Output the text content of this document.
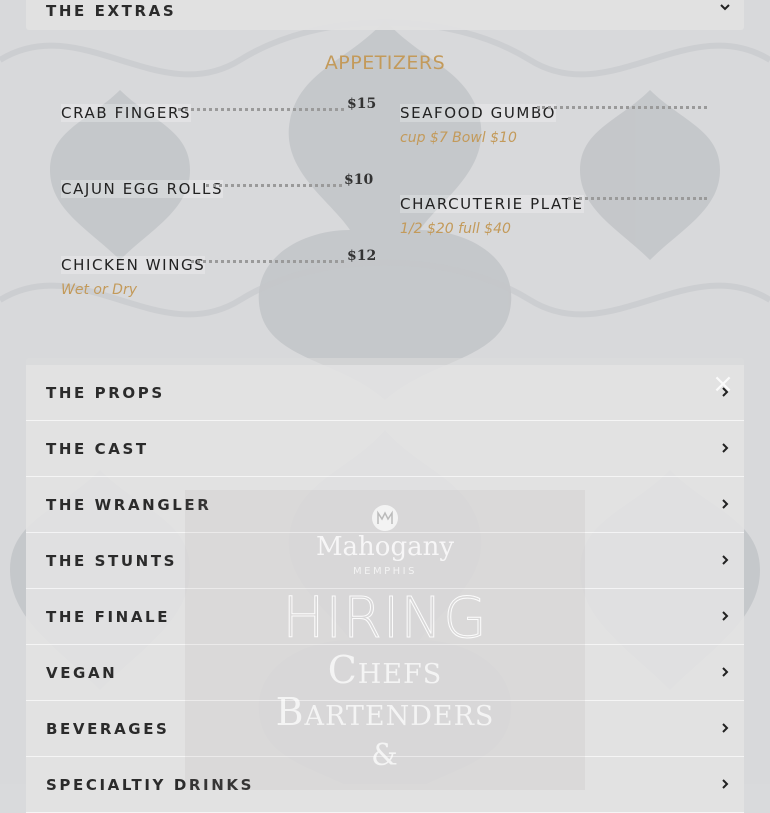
THE EXTRAS
APPETIZERS
CRAB FINGERS	$15
CAJUN EGG ROLLS	$10
CHICKEN WINGS
Wet or Dry
$12
SEAFOOD GUMBO
cup $7 Bowl $10
CHARCUTERIE PLATE
1/2 $20 full $40
THE PROPS
THE CAST
THE WRANGLER
THE STUNTS
THE FINALE
VEGAN
BEVERAGES
SPECIALTIY DRINKS
×
Mahogany
MEMPHIS
HIRING
Chefs
Bartenders
&
